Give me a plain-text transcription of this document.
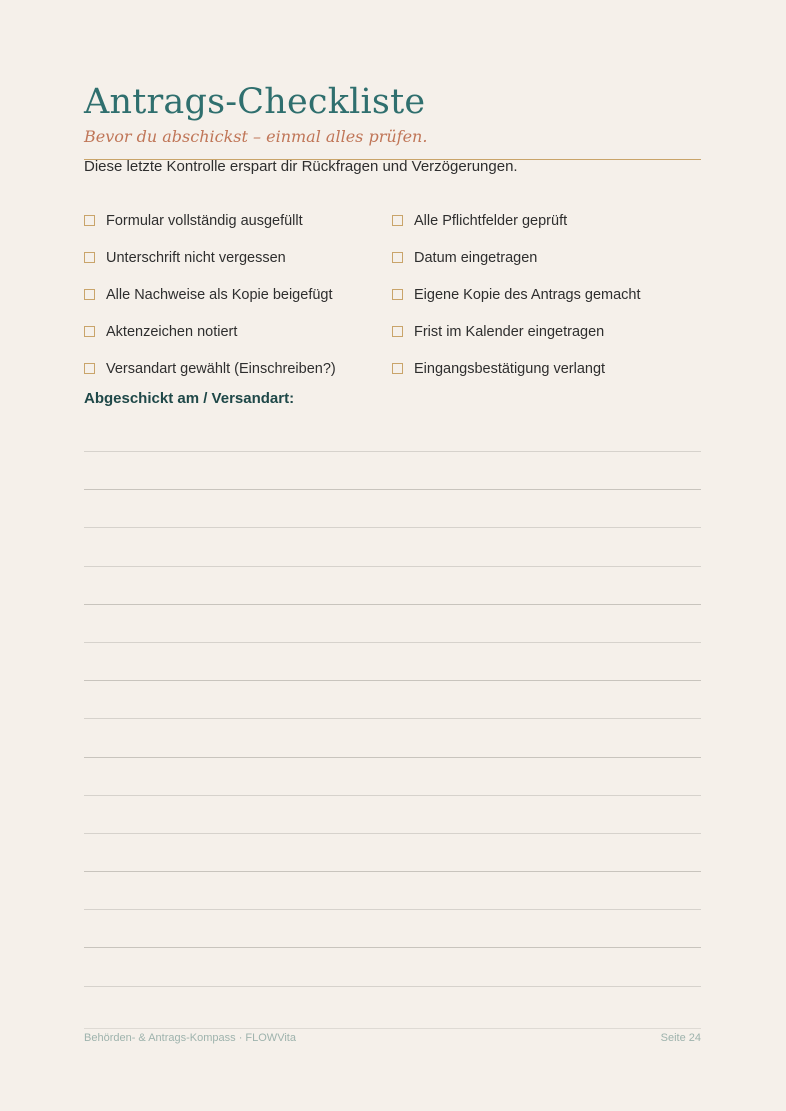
Antrags-Checkliste
Bevor du abschickst – einmal alles prüfen.
Diese letzte Kontrolle erspart dir Rückfragen und Verzögerungen.
Formular vollständig ausgefüllt	Alle Pflichtfelder geprüft
Unterschrift nicht vergessen	Datum eingetragen
Alle Nachweise als Kopie beigefügt	Eigene Kopie des Antrags gemacht
Aktenzeichen notiert	Frist im Kalender eingetragen
Versandart gewählt (Einschreiben?)	Eingangsbestätigung verlangt
Abgeschickt am / Versandart:
Behörden- & Antrags-Kompass · FLOWVita	Seite 24
